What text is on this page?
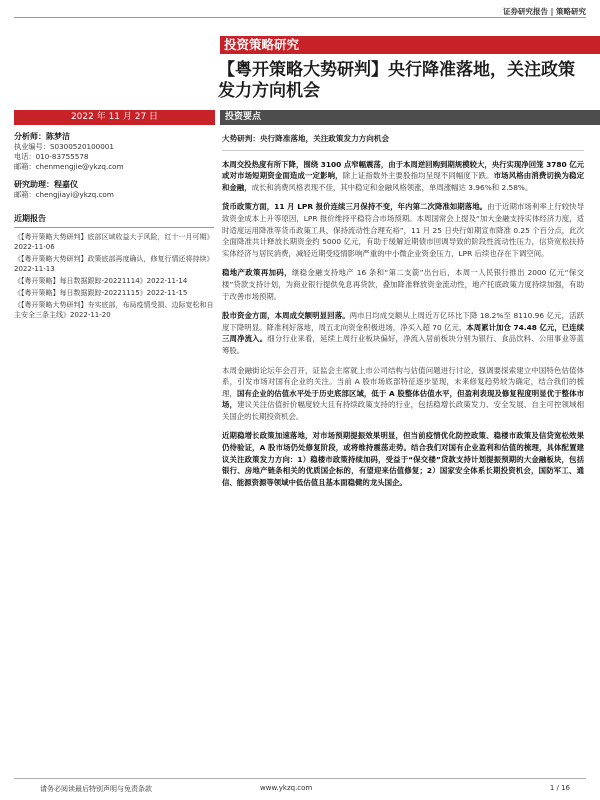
证券研究报告 | 策略研究
投资策略研究
【粤开策略大势研判】央行降准落地，关注政策发力方向机会
2022 年 11 月 27 日	投资要点
分析师：陈梦洁
执业编号：S0300520100001
电话：010-83755578
邮箱：chenmengjie@ykzq.com
研究助理：程嘉仪
邮箱：chengjiayi@ykzq.com
近期报告
《【粤开策略大势研判】底部区域收益大于风险，红十一月可期》2022-11-06
《【粤开策略大势研判】政策底部再度确认，修复行情还将持续》2022-11-13
《【粤开策略】每日数据跟踪-20221114》2022-11-14
《【粤开策略】每日数据跟踪-20221115》2022-11-15
《【粤开策略大势研判】夯实底部，布局疫情受损、边际宽松和自主安全三条主线》2022-11-20
大势研判：央行降准落地，关注政策发力方向机会

本周交投热度有所下降，围绕 3100 点窄幅震荡，由于本周逆回购到期规模较大，央行实现净回笼 3780 亿元或对市场短期资金面造成一定影响，除上证指数外主要股指均呈现不同幅度下跌。市场风格由消费切换为稳定和金融，成长和消费风格表现不佳，其中稳定和金融风格领涨，单周涨幅达 3.96%和 2.58%。

货币政策方面，11 月 LPR 报价连续三月保持不变，年内第二次降准如期落地。由于近期市场利率上行较快导致资金成本上升等原因，LPR 报价维持平稳符合市场预期。本周国常会上提及“加大金融支持实体经济力度，适时适度运用降准等货币政策工具，保持流动性合理充裕”，11 月 25 日央行如期宣布降准 0.25 个百分点，此次全面降准共计释放长期资金约 5000 亿元，有助于缓解近期债市回调导致的阶段性流动性压力，信贷宽松扶持实体经济与居民消费，减轻近期受疫情影响严重的中小微企业资金压力，LPR 后续也存在下调空间。

稳地产政策再加码，继稳金融支持地产 16 条和“第二支箭”出台后，本周一人民银行推出 2000 亿元“保交楼”贷款支持计划，为商业银行提供免息再贷款，叠加降准释放资金流动性，地产托底政策力度持续加强，有助于改善市场预期。

股市资金方面，本周成交额明显回落。两市日均成交额从上周近万亿环比下降 18.2%至 8110.96 亿元，活跃度下降明显。降准利好落地，周五北向资金积极进场，净买入超 70 亿元，本周累计加仓 74.48 亿元，已连续三周净流入。细分行业来看，延续上周行业板块偏好，净流入居前板块分别为银行、食品饮料、公用事业等蓝筹股。

本周金融街论坛年会召开，证监会主席就上市公司结构与估值问题进行讨论，强调要探索建立中国特色估值体系，引发市场对国有企业的关注。当前 A 股市场底部特征逐步显现，未来修复趋势较为确定，结合我们的梳理，国有企业的估值水平处于历史底部区域，低于 A 股整体估值水平，但盈利表现及修复程度明显优于整体市场，建议关注估值折价幅度较大且有持续政策支持的行业，包括稳增长政策发力、安全发展、自主可控领域相关国企的长期投资机会。

近期稳增长政策加速落地，对市场预期提振效果明显，但当前疫情优化防控政策、稳楼市政策及信贷宽松效果仍待验证，A 股市场仍处修复阶段，或将维持震荡走势。结合我们对国有企业盈利和估值的梳理，具体配置建议关注政策发力方向：1）稳楼市政策持续加码，受益于“保交楼”贷款支持计划提振预期的大金融板块，包括银行、房地产链条相关的优质国企标的，有望迎来估值修复；2）国家安全体系长期投资机会，国防军工、通信、能源资源等领域中低估值且基本面稳健的龙头国企。

请务必阅读最后特别声明与免责条款	www.ykzq.com	1 / 16
